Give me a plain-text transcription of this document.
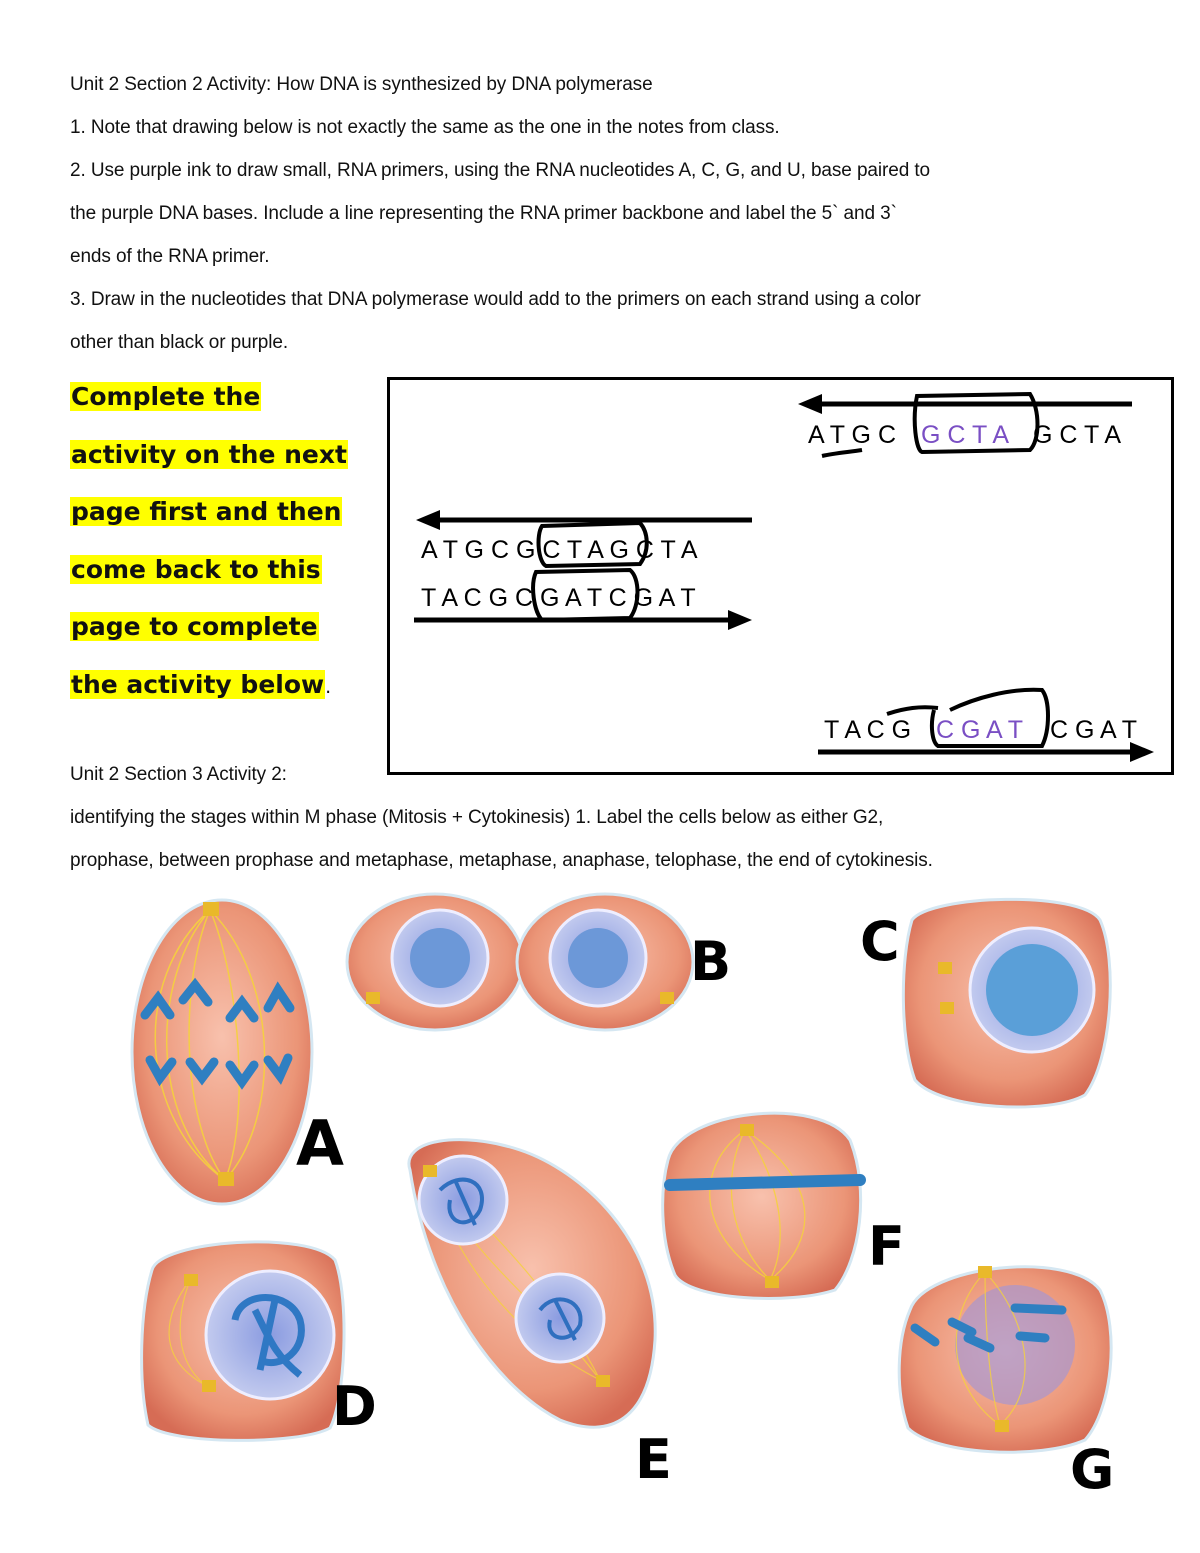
Unit 2 Section 2 Activity: How DNA is synthesized by DNA polymerase
1. Note that drawing below is not exactly the same as the one in the notes from class.
2. Use purple ink to draw small, RNA primers, using the RNA nucleotides A, C, G, and U, base paired to
the purple DNA bases. Include a line representing the RNA primer backbone and label the 5` and 3`
ends of the RNA primer.
3. Draw in the nucleotides that DNA polymerase would add to the primers on each strand using a color
other than black or purple.
Complete the
activity on the next
page first and then
come back to this
page to complete
the activity below.
A T G C G C T A G C T A
A T G C G C T A G C T A
T A C G C G A T C G A T
T A C G C G A T C G A T
Unit 2 Section 3 Activity 2:
identifying the stages within M phase (Mitosis + Cytokinesis) 1. Label the cells below as either G2,
prophase, between prophase and metaphase, metaphase, anaphase, telophase, the end of cytokinesis.
A
B C
D
E
F
G
